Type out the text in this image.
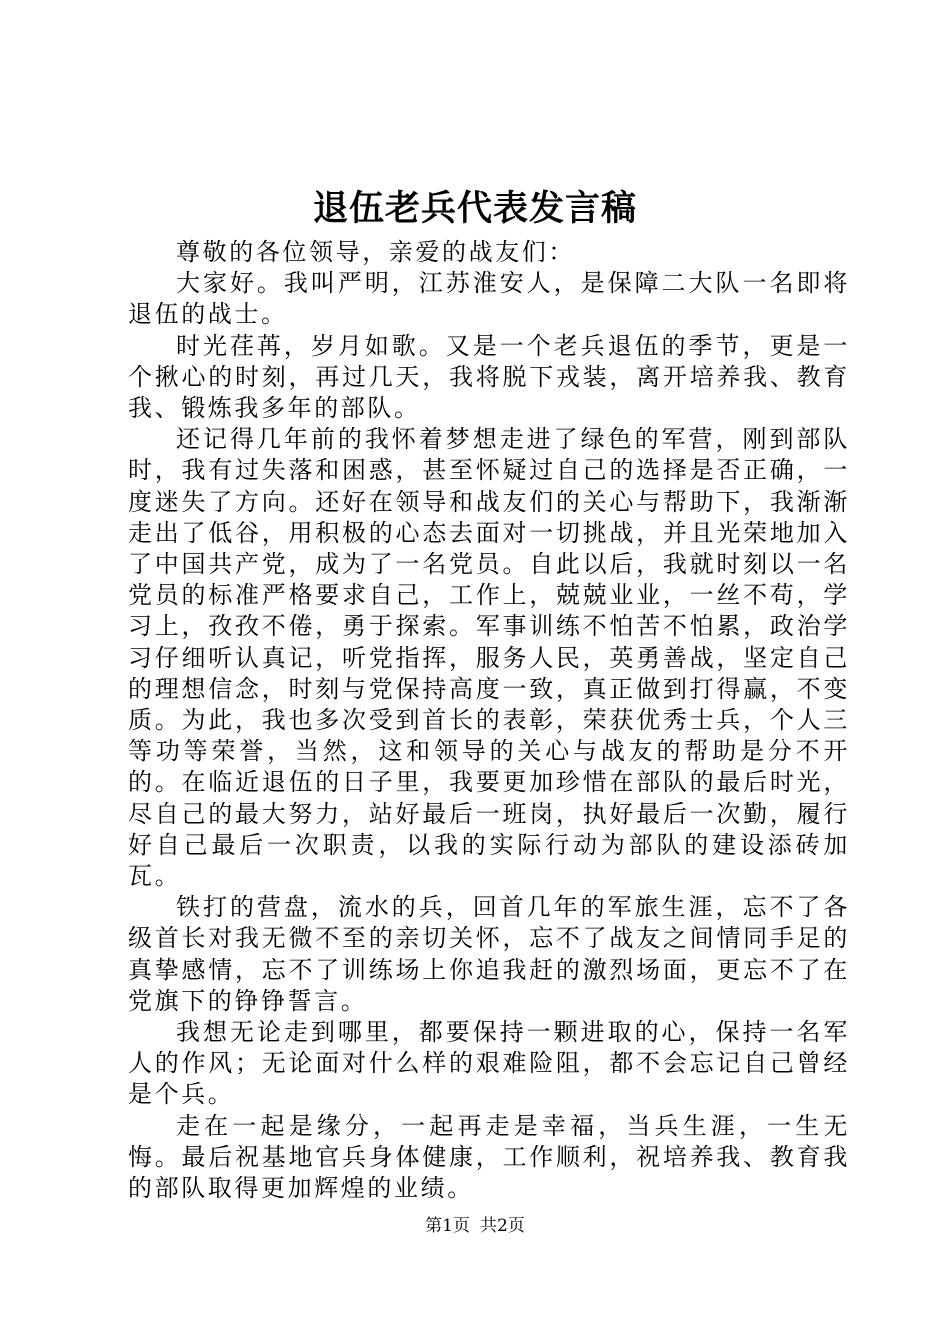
退伍老兵代表发言稿

尊敬的各位领导，亲爱的战友们：

大家好。我叫严明，江苏淮安人，是保障二大队一名即将退伍的战士。

时光荏苒，岁月如歌。又是一个老兵退伍的季节，更是一个揪心的时刻，再过几天，我将脱下戎装，离开培养我、教育我、锻炼我多年的部队。

还记得几年前的我怀着梦想走进了绿色的军营，刚到部队时，我有过失落和困惑，甚至怀疑过自己的选择是否正确，一度迷失了方向。还好在领导和战友们的关心与帮助下，我渐渐走出了低谷，用积极的心态去面对一切挑战，并且光荣地加入了中国共产党，成为了一名党员。自此以后，我就时刻以一名党员的标准严格要求自己，工作上，兢兢业业，一丝不苟，学习上，孜孜不倦，勇于探索。军事训练不怕苦不怕累，政治学习仔细听认真记，听党指挥，服务人民，英勇善战，坚定自己的理想信念，时刻与党保持高度一致，真正做到打得赢，不变质。为此，我也多次受到首长的表彰，荣获优秀士兵，个人三等功等荣誉，当然，这和领导的关心与战友的帮助是分不开的。在临近退伍的日子里，我要更加珍惜在部队的最后时光，尽自己的最大努力，站好最后一班岗，执好最后一次勤，履行好自己最后一次职责，以我的实际行动为部队的建设添砖加瓦。

铁打的营盘，流水的兵，回首几年的军旅生涯，忘不了各级首长对我无微不至的亲切关怀，忘不了战友之间情同手足的真挚感情，忘不了训练场上你追我赶的激烈场面，更忘不了在党旗下的铮铮誓言。

我想无论走到哪里，都要保持一颗进取的心，保持一名军人的作风；无论面对什么样的艰难险阻，都不会忘记自己曾经是个兵。

走在一起是缘分，一起再走是幸福，当兵生涯，一生无悔。最后祝基地官兵身体健康，工作顺利，祝培养我、教育我的部队取得更加辉煌的业绩。

第1页 共2页
